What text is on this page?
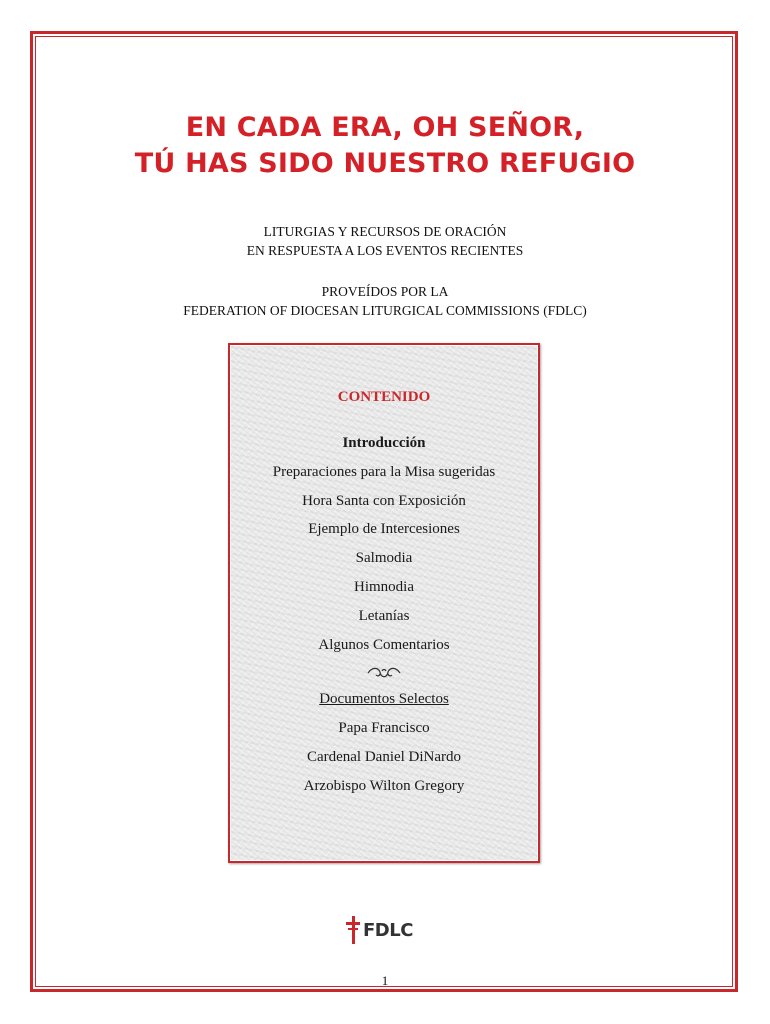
EN CADA ERA, OH SEÑOR,
TÚ HAS SIDO NUESTRO REFUGIO
LITURGIAS Y RECURSOS DE ORACIÓN
EN RESPUESTA A LOS EVENTOS RECIENTES
PROVEÍDOS POR LA
FEDERATION OF DIOCESAN LITURGICAL COMMISSIONS (FDLC)
CONTENIDO
Introducción
Preparaciones para la Misa sugeridas
Hora Santa con Exposición
Ejemplo de Intercesiones
Salmodia
Himnodia
Letanías
Algunos Comentarios
Documentos Selectos
Papa Francisco
Cardenal Daniel DiNardo
Arzobispo Wilton Gregory
FDLC
1
